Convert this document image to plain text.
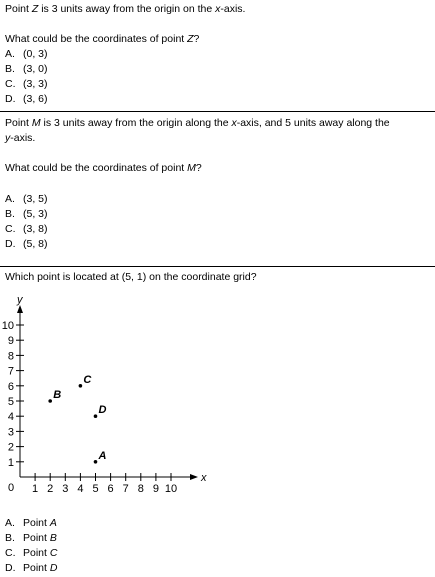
Point Z is 3 units away from the origin on the x-axis.
What could be the coordinates of point Z?
A. (0, 3)
B. (3, 0)
C. (3, 3)
D. (3, 6)
Point M is 3 units away from the origin along the x-axis, and 5 units away along the
y-axis.
What could be the coordinates of point M?
A. (3, 5)
B. (5, 3)
C. (3, 8)
D. (5, 8)
Which point is located at (5, 1) on the coordinate grid?
x
y
0 1 2 3 4 5 6 7 8 9 10
1
2
3
4
5
6
7
8
9
10
A
B
C
D
A. Point A
B. Point B
C. Point C
D. Point D
